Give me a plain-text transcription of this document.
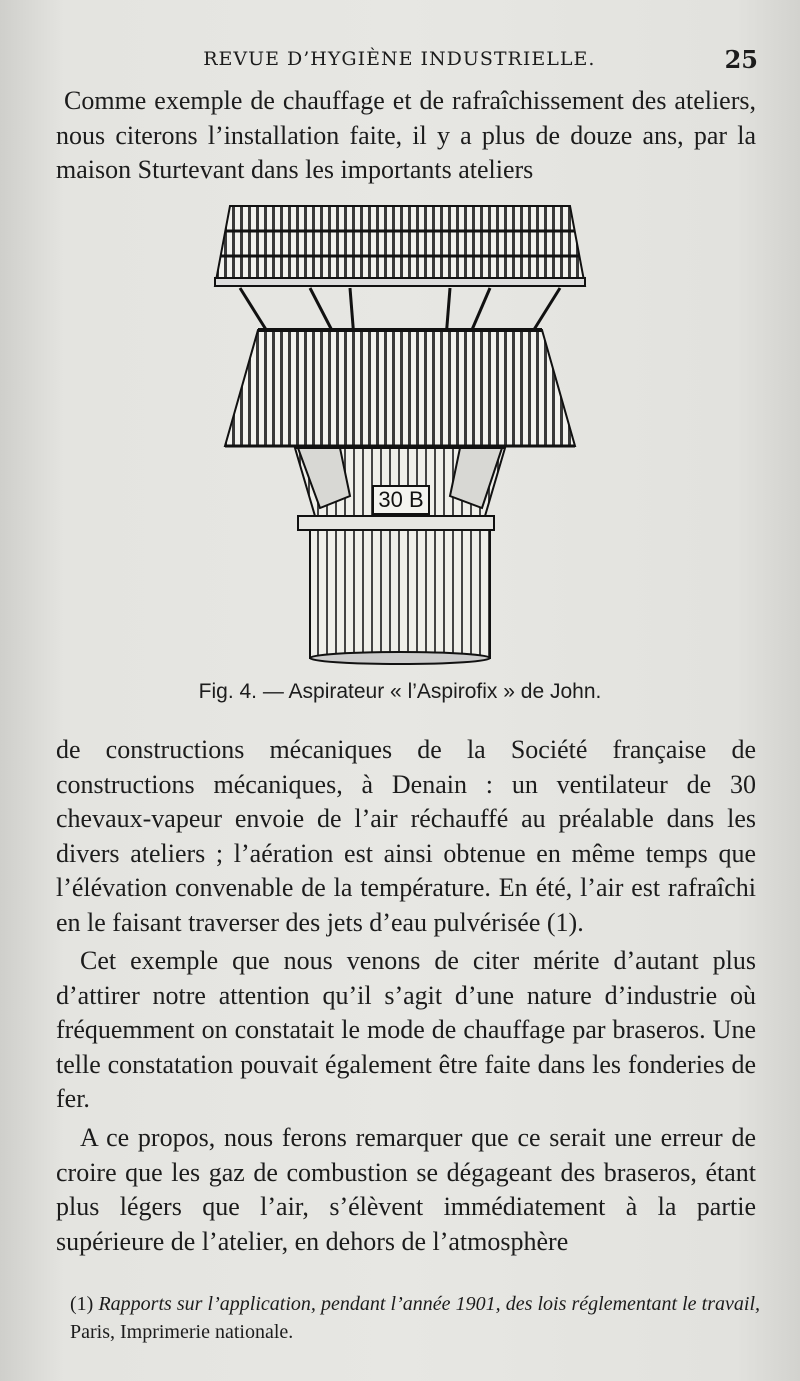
REVUE D’HYGIÈNE INDUSTRIELLE.	25

Comme exemple de chauffage et de rafraîchissement des ateliers, nous citerons l’installation faite, il y a plus de douze ans, par la maison Sturtevant dans les importants ateliers

30 B
Fig. 4. — Aspirateur « l’Aspirofix » de John.

de constructions mécaniques de la Société française de constructions mécaniques, à Denain : un ventilateur de 30 chevaux-vapeur envoie de l’air réchauffé au préalable dans les divers ateliers ; l’aération est ainsi obtenue en même temps que l’élévation convenable de la température. En été, l’air est rafraîchi en le faisant traverser des jets d’eau pulvérisée (1).

Cet exemple que nous venons de citer mérite d’autant plus d’attirer notre attention qu’il s’agit d’une nature d’industrie où fréquemment on constatait le mode de chauffage par braseros. Une telle constatation pouvait également être faite dans les fonderies de fer.

A ce propos, nous ferons remarquer que ce serait une erreur de croire que les gaz de combustion se dégageant des braseros, étant plus légers que l’air, s’élèvent immédiatement à la partie supérieure de l’atelier, en dehors de l’atmosphère

(1) Rapports sur l’application, pendant l’année 1901, des lois réglementant le travail, Paris, Imprimerie nationale.
